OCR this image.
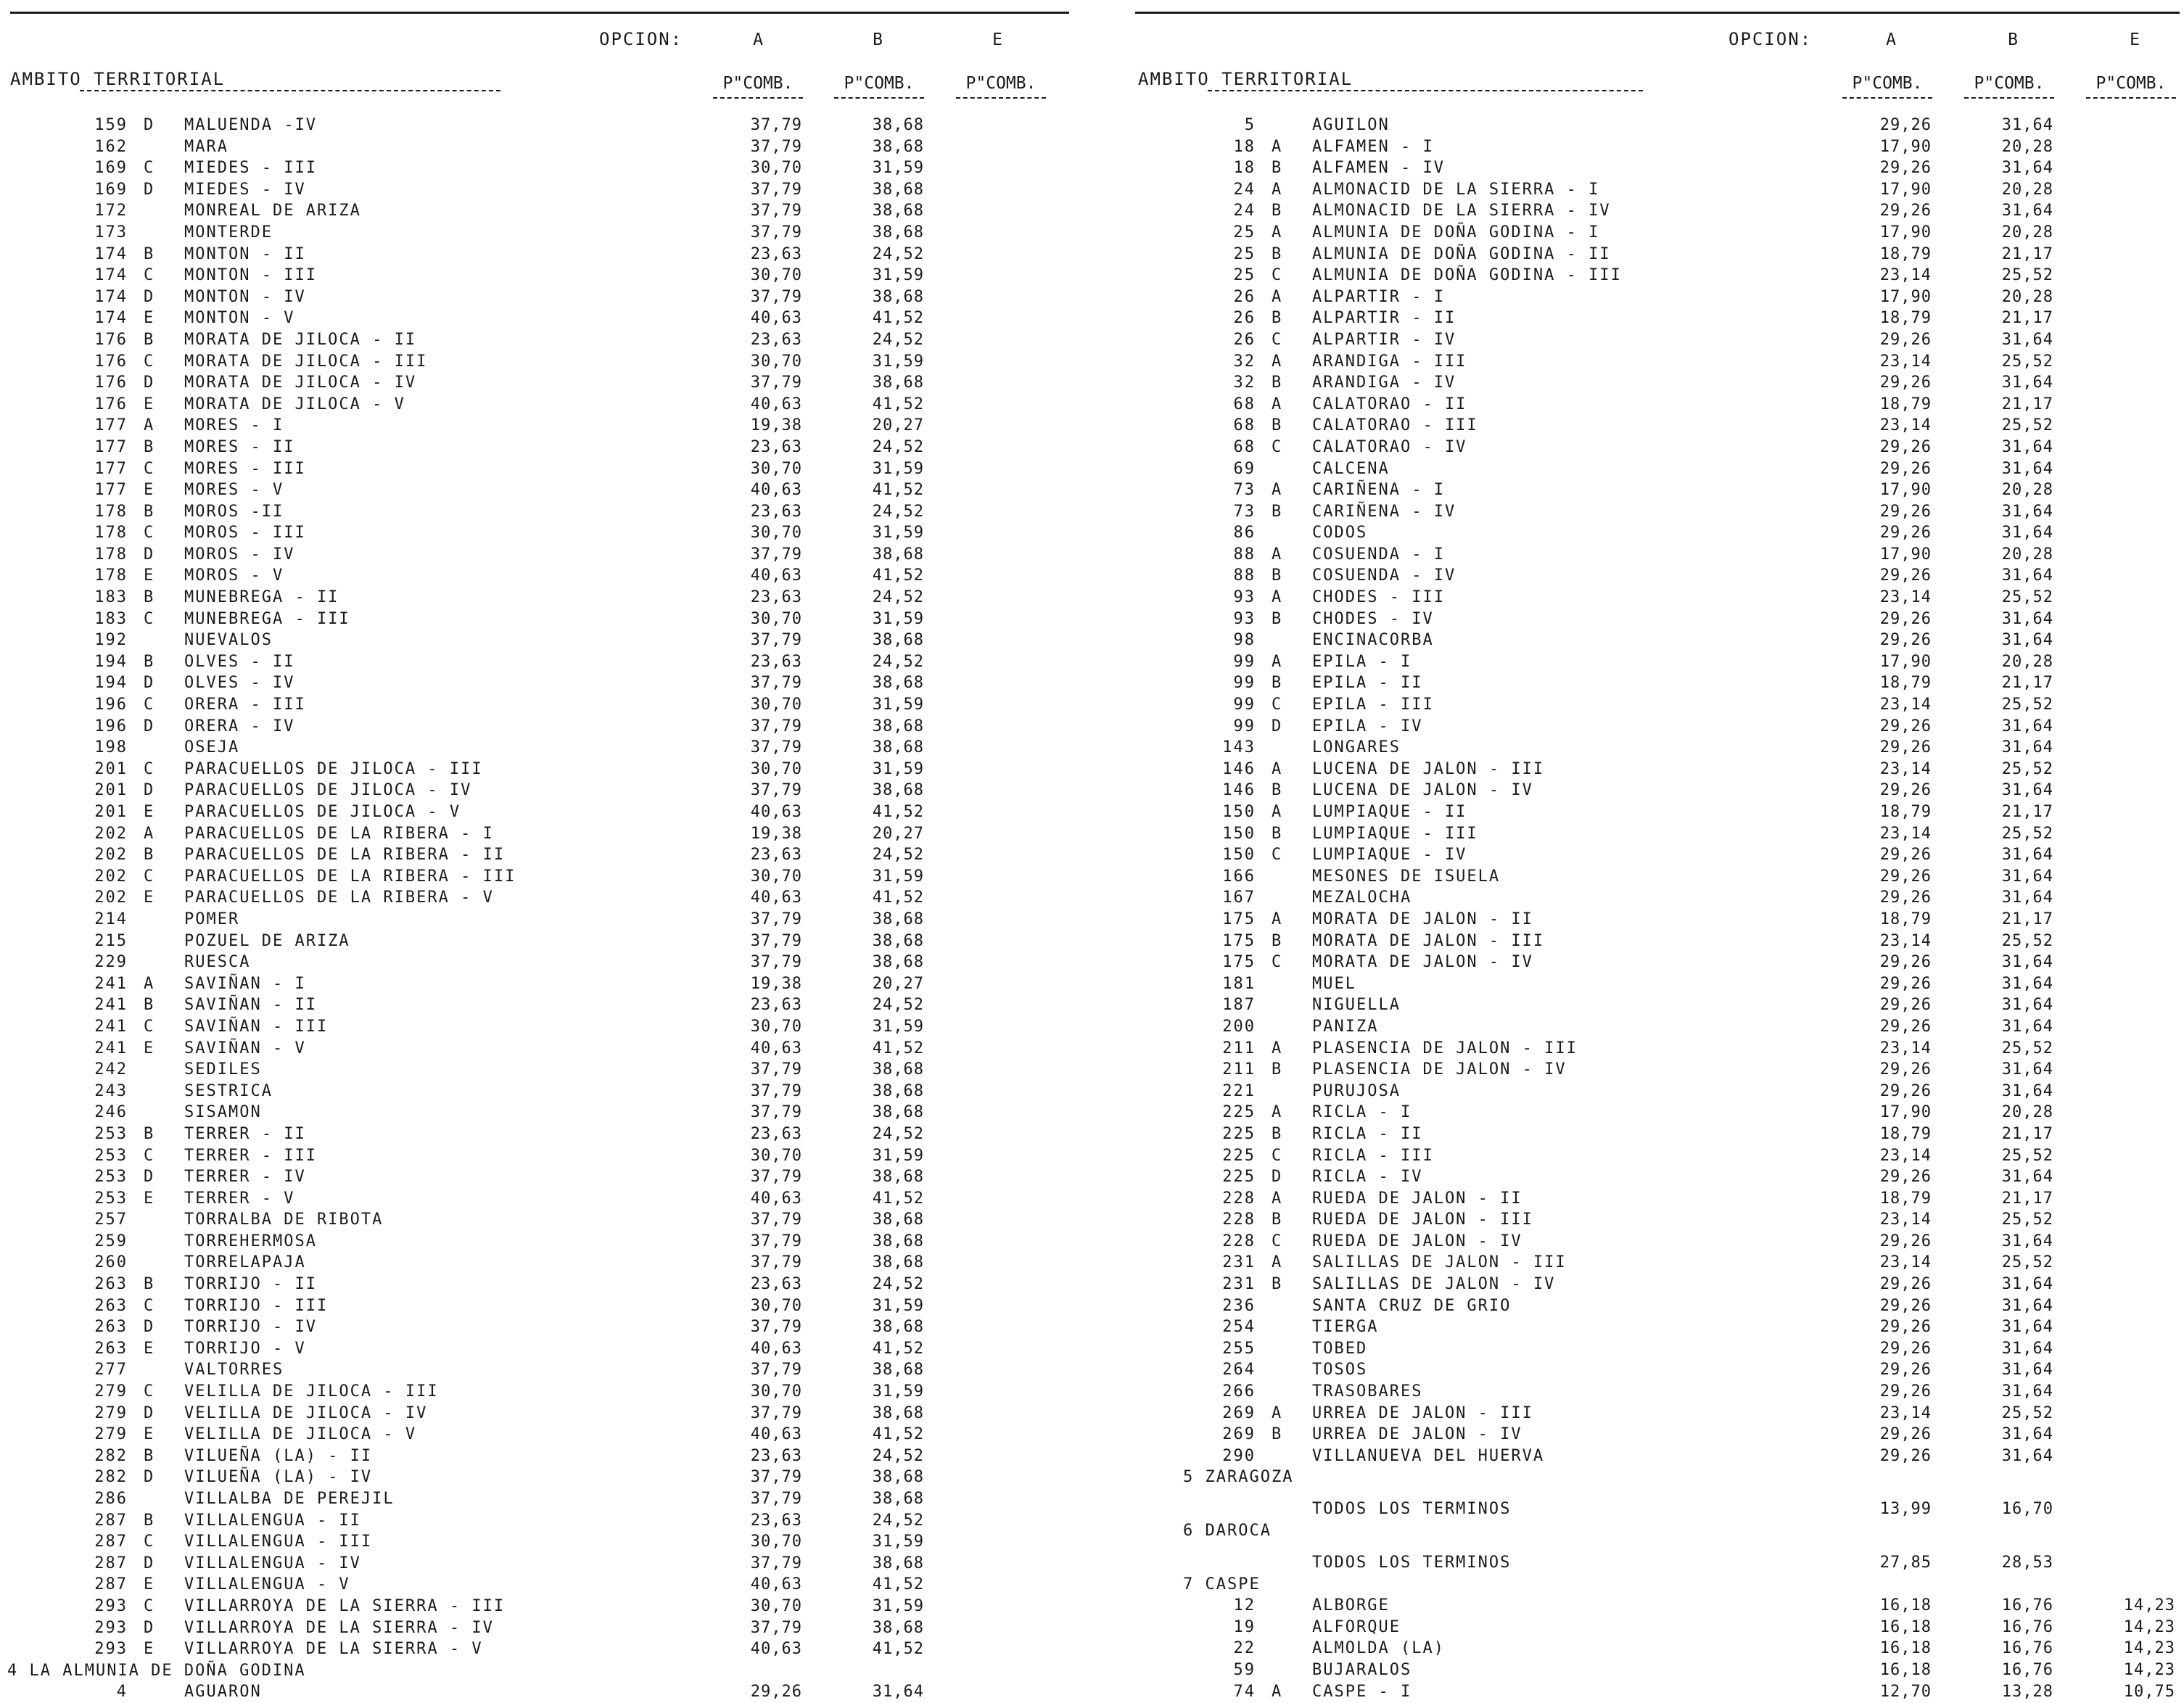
OPCION:	A	B	E
AMBITO TERRITORIAL	P"COMB.	P"COMB.	P"COMB.
159 D MALUENDA -IV	37,79	38,68
162	MARA	37,79	38,68
169 C MIEDES - III	30,70	31,59
169 D MIEDES - IV	37,79	38,68
172	MONREAL DE ARIZA	37,79	38,68
173	MONTERDE	37,79	38,68
174 B MONTON - II	23,63	24,52
174 C MONTON - III	30,70	31,59
174 D MONTON - IV	37,79	38,68
174 E MONTON - V	40,63	41,52
176 B MORATA DE JILOCA - II	23,63	24,52
176 C MORATA DE JILOCA - III	30,70	31,59
176 D MORATA DE JILOCA - IV	37,79	38,68
176 E MORATA DE JILOCA - V	40,63	41,52
177 A MORES - I	19,38	20,27
177 B MORES - II	23,63	24,52
177 C MORES - III	30,70	31,59
177 E MORES - V	40,63	41,52
178 B MOROS -II	23,63	24,52
178 C MOROS - III	30,70	31,59
178 D MOROS - IV	37,79	38,68
178 E MOROS - V	40,63	41,52
183 B MUNEBREGA - II	23,63	24,52
183 C MUNEBREGA - III	30,70	31,59
192	NUEVALOS	37,79	38,68
194 B OLVES - II	23,63	24,52
194 D OLVES - IV	37,79	38,68
196 C ORERA - III	30,70	31,59
196 D ORERA - IV	37,79	38,68
198	OSEJA	37,79	38,68
201 C PARACUELLOS DE JILOCA - III	30,70	31,59
201 D PARACUELLOS DE JILOCA - IV	37,79	38,68
201 E PARACUELLOS DE JILOCA - V	40,63	41,52
202 A PARACUELLOS DE LA RIBERA - I	19,38	20,27
202 B PARACUELLOS DE LA RIBERA - II	23,63	24,52
202 C PARACUELLOS DE LA RIBERA - III	30,70	31,59
202 E PARACUELLOS DE LA RIBERA - V	40,63	41,52
214	POMER	37,79	38,68
215	POZUEL DE ARIZA	37,79	38,68
229	RUESCA	37,79	38,68
241 A SAVIÑAN - I	19,38	20,27
241 B SAVIÑAN - II	23,63	24,52
241 C SAVIÑAN - III	30,70	31,59
241 E SAVIÑAN - V	40,63	41,52
242	SEDILES	37,79	38,68
243	SESTRICA	37,79	38,68
246	SISAMON	37,79	38,68
253 B TERRER - II	23,63	24,52
253 C TERRER - III	30,70	31,59
253 D TERRER - IV	37,79	38,68
253 E TERRER - V	40,63	41,52
257	TORRALBA DE RIBOTA	37,79	38,68
259	TORREHERMOSA	37,79	38,68
260	TORRELAPAJA	37,79	38,68
263 B TORRIJO - II	23,63	24,52
263 C TORRIJO - III	30,70	31,59
263 D TORRIJO - IV	37,79	38,68
263 E TORRIJO - V	40,63	41,52
277	VALTORRES	37,79	38,68
279 C VELILLA DE JILOCA - III	30,70	31,59
279 D VELILLA DE JILOCA - IV	37,79	38,68
279 E VELILLA DE JILOCA - V	40,63	41,52
282 B VILUEÑA (LA) - II	23,63	24,52
282 D VILUEÑA (LA) - IV	37,79	38,68
286	VILLALBA DE PEREJIL	37,79	38,68
287 B VILLALENGUA - II	23,63	24,52
287 C VILLALENGUA - III	30,70	31,59
287 D VILLALENGUA - IV	37,79	38,68
287 E VILLALENGUA - V	40,63	41,52
293 C VILLARROYA DE LA SIERRA - III	30,70	31,59
293 D VILLARROYA DE LA SIERRA - IV	37,79	38,68
293 E VILLARROYA DE LA SIERRA - V	40,63	41,52
4 LA ALMUNIA DE DOÑA GODINA
4	AGUARON	29,26	31,64
OPCION:	A	B	E
AMBITO TERRITORIAL	P"COMB.	P"COMB.	P"COMB.
5	AGUILON	29,26	31,64
18 A ALFAMEN - I	17,90	20,28
18 B ALFAMEN - IV	29,26	31,64
24 A ALMONACID DE LA SIERRA - I	17,90	20,28
24 B ALMONACID DE LA SIERRA - IV	29,26	31,64
25 A ALMUNIA DE DOÑA GODINA - I	17,90	20,28
25 B ALMUNIA DE DOÑA GODINA - II	18,79	21,17
25 C ALMUNIA DE DOÑA GODINA - III	23,14	25,52
26 A ALPARTIR - I	17,90	20,28
26 B ALPARTIR - II	18,79	21,17
26 C ALPARTIR - IV	29,26	31,64
32 A ARANDIGA - III	23,14	25,52
32 B ARANDIGA - IV	29,26	31,64
68 A CALATORAO - II	18,79	21,17
68 B CALATORAO - III	23,14	25,52
68 C CALATORAO - IV	29,26	31,64
69	CALCENA	29,26	31,64
73 A CARIÑENA - I	17,90	20,28
73 B CARIÑENA - IV	29,26	31,64
86	CODOS	29,26	31,64
88 A COSUENDA - I	17,90	20,28
88 B COSUENDA - IV	29,26	31,64
93 A CHODES - III	23,14	25,52
93 B CHODES - IV	29,26	31,64
98	ENCINACORBA	29,26	31,64
99 A EPILA - I	17,90	20,28
99 B EPILA - II	18,79	21,17
99 C EPILA - III	23,14	25,52
99 D EPILA - IV	29,26	31,64
143	LONGARES	29,26	31,64
146 A LUCENA DE JALON - III	23,14	25,52
146 B LUCENA DE JALON - IV	29,26	31,64
150 A LUMPIAQUE - II	18,79	21,17
150 B LUMPIAQUE - III	23,14	25,52
150 C LUMPIAQUE - IV	29,26	31,64
166	MESONES DE ISUELA	29,26	31,64
167	MEZALOCHA	29,26	31,64
175 A MORATA DE JALON - II	18,79	21,17
175 B MORATA DE JALON - III	23,14	25,52
175 C MORATA DE JALON - IV	29,26	31,64
181	MUEL	29,26	31,64
187	NIGUELLA	29,26	31,64
200	PANIZA	29,26	31,64
211 A PLASENCIA DE JALON - III	23,14	25,52
211 B PLASENCIA DE JALON - IV	29,26	31,64
221	PURUJOSA	29,26	31,64
225 A RICLA - I	17,90	20,28
225 B RICLA - II	18,79	21,17
225 C RICLA - III	23,14	25,52
225 D RICLA - IV	29,26	31,64
228 A RUEDA DE JALON - II	18,79	21,17
228 B RUEDA DE JALON - III	23,14	25,52
228 C RUEDA DE JALON - IV	29,26	31,64
231 A SALILLAS DE JALON - III	23,14	25,52
231 B SALILLAS DE JALON - IV	29,26	31,64
236	SANTA CRUZ DE GRIO	29,26	31,64
254	TIERGA	29,26	31,64
255	TOBED	29,26	31,64
264	TOSOS	29,26	31,64
266	TRASOBARES	29,26	31,64
269 A URREA DE JALON - III	23,14	25,52
269 B URREA DE JALON - IV	29,26	31,64
290	VILLANUEVA DEL HUERVA	29,26	31,64
5 ZARAGOZA
TODOS LOS TERMINOS	13,99	16,70
6 DAROCA
TODOS LOS TERMINOS	27,85	28,53
7 CASPE
12	ALBORGE	16,18	16,76	14,23
19	ALFORQUE	16,18	16,76	14,23
22	ALMOLDA (LA)	16,18	16,76	14,23
59	BUJARALOS	16,18	16,76	14,23
74 A CASPE - I	12,70	13,28	10,75
